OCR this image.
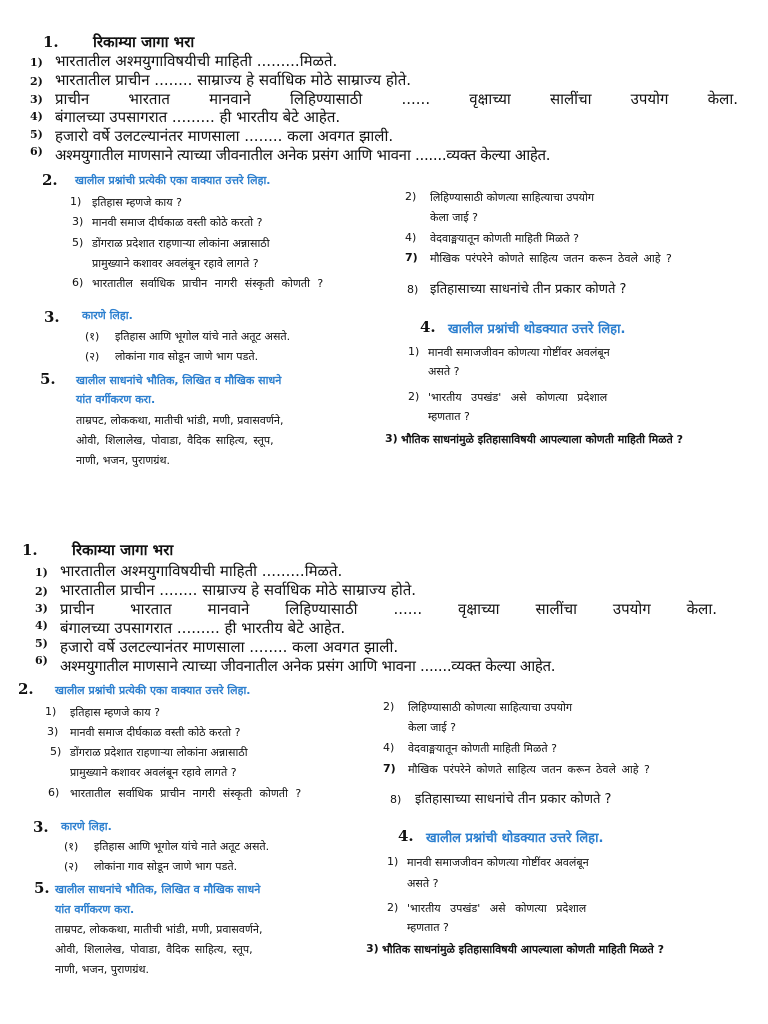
1. रिकाम्या जागा भरा
1) भारतातील अश्मयुगाविषयीची माहिती .........मिळते.
2) भारतातील प्राचीन ........ साम्राज्य हे सर्वाधिक मोठे साम्राज्य होते.
3) प्राचीन भारतात मानवाने लिहिण्यासाठी ...... वृक्षाच्या सालींचा उपयोग केला.
4) बंगालच्या उपसागरात ......... ही भारतीय बेटे आहेत.
5) हजारो वर्षे उलटल्यानंतर माणसाला ........ कला अवगत झाली.
6) अश्मयुगातील माणसाने त्याच्या जीवनातील अनेक प्रसंग आणि भावना .......व्यक्त केल्या आहेत.
2. खालील प्रश्नांची प्रत्येकी एका वाक्यात उत्तरे लिहा.
1) इतिहास म्हणजे काय ?
3) मानवी समाज दीर्घकाळ वस्ती कोठे करतो ?
5) डोंगराळ प्रदेशात राहणाऱ्या लोकांना अन्नासाठी
प्रामुख्याने कशावर अवलंबून रहावे लागते ?
6) भारतातील सर्वाधिक प्राचीन नागरी संस्कृती कोणती ?
2) लिहिण्यासाठी कोणत्या साहित्याचा उपयोग
केला जाई ?
4) वेदवाङ्मयातून कोणती माहिती मिळते ?
7) मौखिक परंपरेने कोणते साहित्य जतन करून ठेवले आहे ?
8) इतिहासाच्या साधनांचे तीन प्रकार कोणते ?
3. कारणे लिहा.
(१) इतिहास आणि भूगोल यांचे नाते अतूट असते.
(२) लोकांना गाव सोडून जाणे भाग पडते.
4. खालील प्रश्नांची थोडक्यात उत्तरे लिहा.
1) मानवी समाजजीवन कोणत्या गोष्टींवर अवलंबून
असते ?
2) 'भारतीय उपखंड' असे कोणत्या प्रदेशाल
म्हणतात ?
3) भौतिक साधनांमुळे इतिहासाविषयी आपल्याला कोणती माहिती मिळते ?
5. खालील साधनांचे भौतिक, लिखित व मौखिक साधने
यांत वर्गीकरण करा.
ताम्रपट, लोककथा, मातीची भांडी, मणी, प्रवासवर्णने,
ओवी, शिलालेख, पोवाडा, वैदिक साहित्य, स्तूप,
नाणी, भजन, पुराणग्रंथ.
1. रिकाम्या जागा भरा
1) भारतातील अश्मयुगाविषयीची माहिती .........मिळते.
2) भारतातील प्राचीन ........ साम्राज्य हे सर्वाधिक मोठे साम्राज्य होते.
3) प्राचीन भारतात मानवाने लिहिण्यासाठी ...... वृक्षाच्या सालींचा उपयोग केला.
4) बंगालच्या उपसागरात ......... ही भारतीय बेटे आहेत.
5) हजारो वर्षे उलटल्यानंतर माणसाला ........ कला अवगत झाली.
6) अश्मयुगातील माणसाने त्याच्या जीवनातील अनेक प्रसंग आणि भावना .......व्यक्त केल्या आहेत.
2. खालील प्रश्नांची प्रत्येकी एका वाक्यात उत्तरे लिहा.
1) इतिहास म्हणजे काय ?
3) मानवी समाज दीर्घकाळ वस्ती कोठे करतो ?
5) डोंगराळ प्रदेशात राहणाऱ्या लोकांना अन्नासाठी
प्रामुख्याने कशावर अवलंबून रहावे लागते ?
6) भारतातील सर्वाधिक प्राचीन नागरी संस्कृती कोणती ?
2) लिहिण्यासाठी कोणत्या साहित्याचा उपयोग
केला जाई ?
4) वेदवाङ्मयातून कोणती माहिती मिळते ?
7) मौखिक परंपरेने कोणते साहित्य जतन करून ठेवले आहे ?
8) इतिहासाच्या साधनांचे तीन प्रकार कोणते ?
3. कारणे लिहा.
(१) इतिहास आणि भूगोल यांचे नाते अतूट असते.
(२) लोकांना गाव सोडून जाणे भाग पडते.
4. खालील प्रश्नांची थोडक्यात उत्तरे लिहा.
1) मानवी समाजजीवन कोणत्या गोष्टींवर अवलंबून
असते ?
2) 'भारतीय उपखंड' असे कोणत्या प्रदेशाल
म्हणतात ?
3) भौतिक साधनांमुळे इतिहासाविषयी आपल्याला कोणती माहिती मिळते ?
5. खालील साधनांचे भौतिक, लिखित व मौखिक साधने
यांत वर्गीकरण करा.
ताम्रपट, लोककथा, मातीची भांडी, मणी, प्रवासवर्णने,
ओवी, शिलालेख, पोवाडा, वैदिक साहित्य, स्तूप,
नाणी, भजन, पुराणग्रंथ.
